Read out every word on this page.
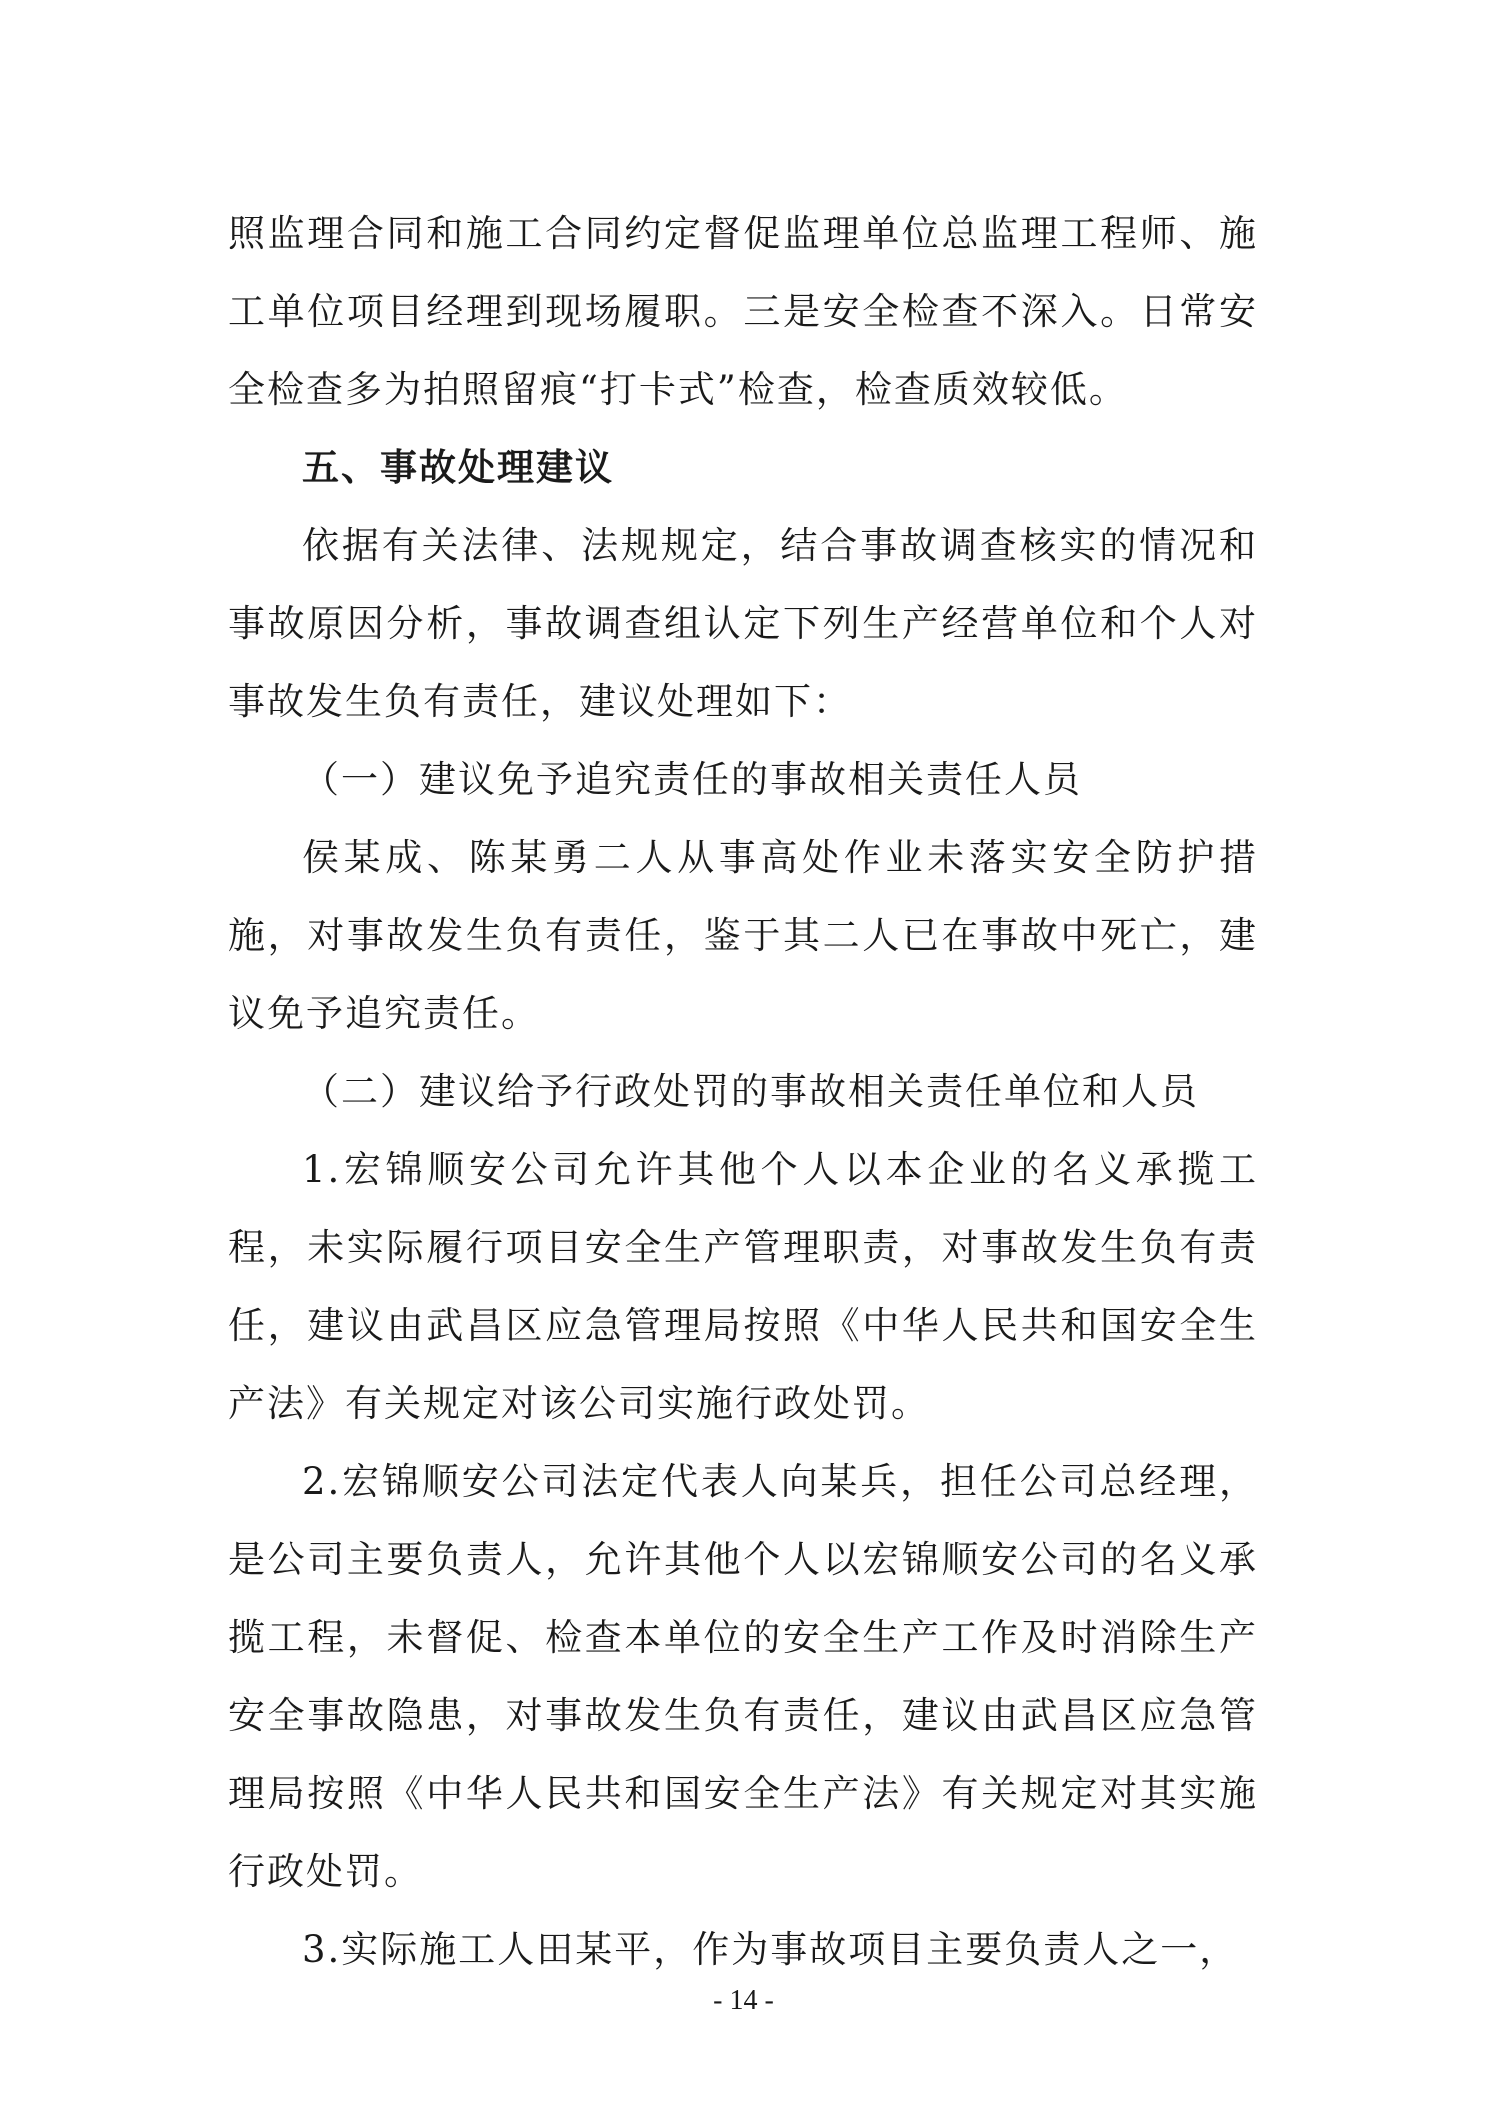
照监理合同和施工合同约定督促监理单位总监理工程师、施工单位项目经理到现场履职。三是安全检查不深入。日常安全检查多为拍照留痕“打卡式”检查，检查质效较低。

五、事故处理建议

依据有关法律、法规规定，结合事故调查核实的情况和事故原因分析，事故调查组认定下列生产经营单位和个人对事故发生负有责任，建议处理如下：

（一）建议免予追究责任的事故相关责任人员

侯某成、陈某勇二人从事高处作业未落实安全防护措施，对事故发生负有责任，鉴于其二人已在事故中死亡，建议免予追究责任。

（二）建议给予行政处罚的事故相关责任单位和人员

1.宏锦顺安公司允许其他个人以本企业的名义承揽工程，未实际履行项目安全生产管理职责，对事故发生负有责任，建议由武昌区应急管理局按照《中华人民共和国安全生产法》有关规定对该公司实施行政处罚。

2.宏锦顺安公司法定代表人向某兵，担任公司总经理，是公司主要负责人，允许其他个人以宏锦顺安公司的名义承揽工程，未督促、检查本单位的安全生产工作及时消除生产安全事故隐患，对事故发生负有责任，建议由武昌区应急管理局按照《中华人民共和国安全生产法》有关规定对其实施行政处罚。

3.实际施工人田某平，作为事故项目主要负责人之一，

- 14 -
